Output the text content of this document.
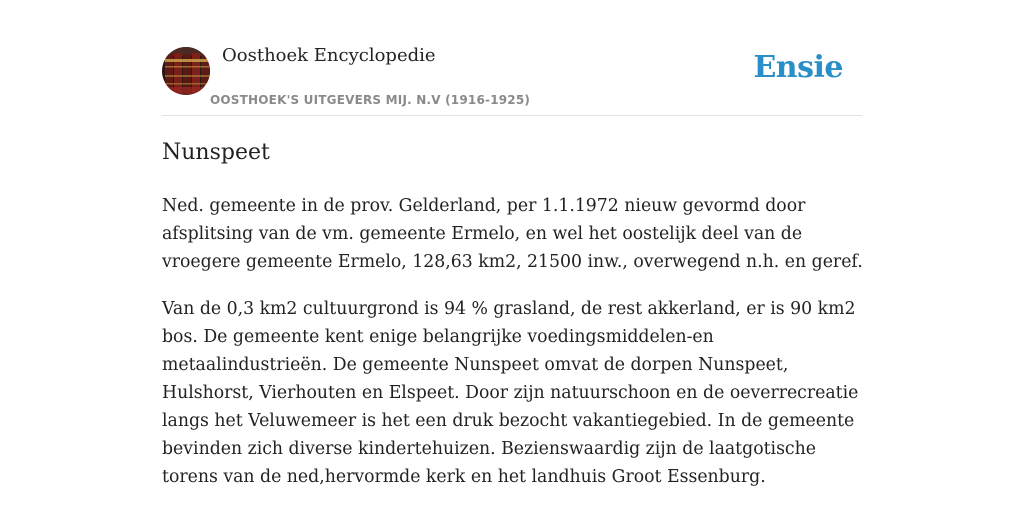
Oosthoek Encyclopedie
OOSTHOEK'S UITGEVERS MIJ. N.V (1916-1925)
Ensie
Nunspeet

Ned. gemeente in de prov. Gelderland, per 1.1.1972 nieuw gevormd door afsplitsing van de vm. gemeente Ermelo, en wel het oostelijk deel van de vroegere gemeente Ermelo, 128,63 km2, 21500 inw., overwegend n.h. en geref.

Van de 0,3 km2 cultuurgrond is 94 % grasland, de rest akkerland, er is 90 km2 bos. De gemeente kent enige belangrijke voedingsmiddelen-en metaalindustrieën. De gemeente Nunspeet omvat de dorpen Nunspeet, Hulshorst, Vierhouten en Elspeet. Door zijn natuurschoon en de oeverrecreatie langs het Veluwemeer is het een druk bezocht vakantiegebied. In de gemeente bevinden zich diverse kindertehuizen. Bezienswaardig zijn de laatgotische torens van de ned,hervormde kerk en het landhuis Groot Essenburg.
